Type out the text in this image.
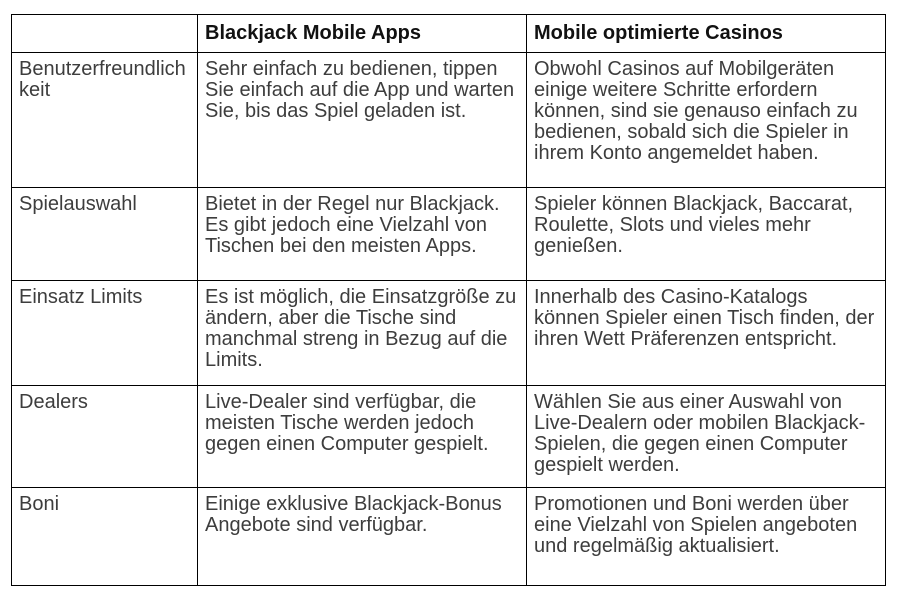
	Blackjack Mobile Apps	Mobile optimierte Casinos
Benutzerfreundlichkeit	Sehr einfach zu bedienen, tippen Sie einfach auf die App und warten Sie, bis das Spiel geladen ist.	Obwohl Casinos auf Mobilgeräten einige weitere Schritte erfordern können, sind sie genauso einfach zu bedienen, sobald sich die Spieler in ihrem Konto angemeldet haben.
Spielauswahl	Bietet in der Regel nur Blackjack. Es gibt jedoch eine Vielzahl von Tischen bei den meisten Apps.	Spieler können Blackjack, Baccarat, Roulette, Slots und vieles mehr genießen.
Einsatz Limits	Es ist möglich, die Einsatzgröße zu ändern, aber die Tische sind manchmal streng in Bezug auf die Limits.	Innerhalb des Casino-Katalogs können Spieler einen Tisch finden, der ihren Wett Präferenzen entspricht.
Dealers	Live-Dealer sind verfügbar, die meisten Tische werden jedoch gegen einen Computer gespielt.	Wählen Sie aus einer Auswahl von Live-Dealern oder mobilen Blackjack-Spielen, die gegen einen Computer gespielt werden.
Boni	Einige exklusive Blackjack-Bonus Angebote sind verfügbar.	Promotionen und Boni werden über eine Vielzahl von Spielen angeboten und regelmäßig aktualisiert.
